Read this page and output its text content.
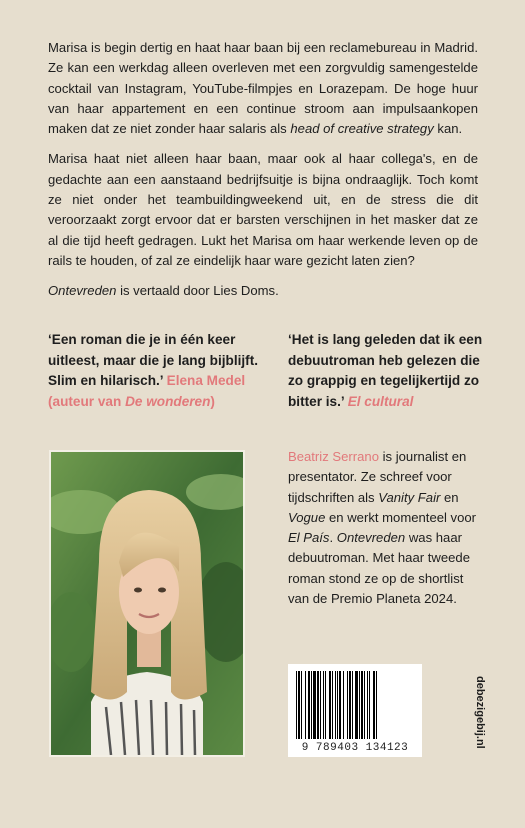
Marisa is begin dertig en haat haar baan bij een reclamebureau in Madrid. Ze kan een werkdag alleen overleven met een zorgvuldig samengestelde cocktail van Instagram, YouTube-filmpjes en Lorazepam. De hoge huur van haar appartement en een continue stroom aan impulsaankopen maken dat ze niet zonder haar salaris als head of creative strategy kan.

Marisa haat niet alleen haar baan, maar ook al haar collega's, en de gedachte aan een aanstaand bedrijfsuitje is bijna ondraaglijk. Toch komt ze niet onder het teambuildingweekend uit, en de stress die dit veroorzaakt zorgt ervoor dat er barsten verschijnen in het masker dat ze al die tijd heeft gedragen. Lukt het Marisa om haar werkende leven op de rails te houden, of zal ze eindelijk haar ware gezicht laten zien?

Ontevreden is vertaald door Lies Doms.

‘Een roman die je in één keer uitleest, maar die je lang bijblijft. Slim en hilarisch.’ Elena Medel (auteur van De wonderen)

‘Het is lang geleden dat ik een debuutroman heb gelezen die zo grappig en tegelijkertijd zo bitter is.’ El cultural

Beatriz Serrano is journalist en presentator. Ze schreef voor tijdschriften als Vanity Fair en Vogue en werkt momenteel voor El País. Ontevreden was haar debuutroman. Met haar tweede roman stond ze op de shortlist van de Premio Planeta 2024.

9 789403 134123	debezigebij.nl
